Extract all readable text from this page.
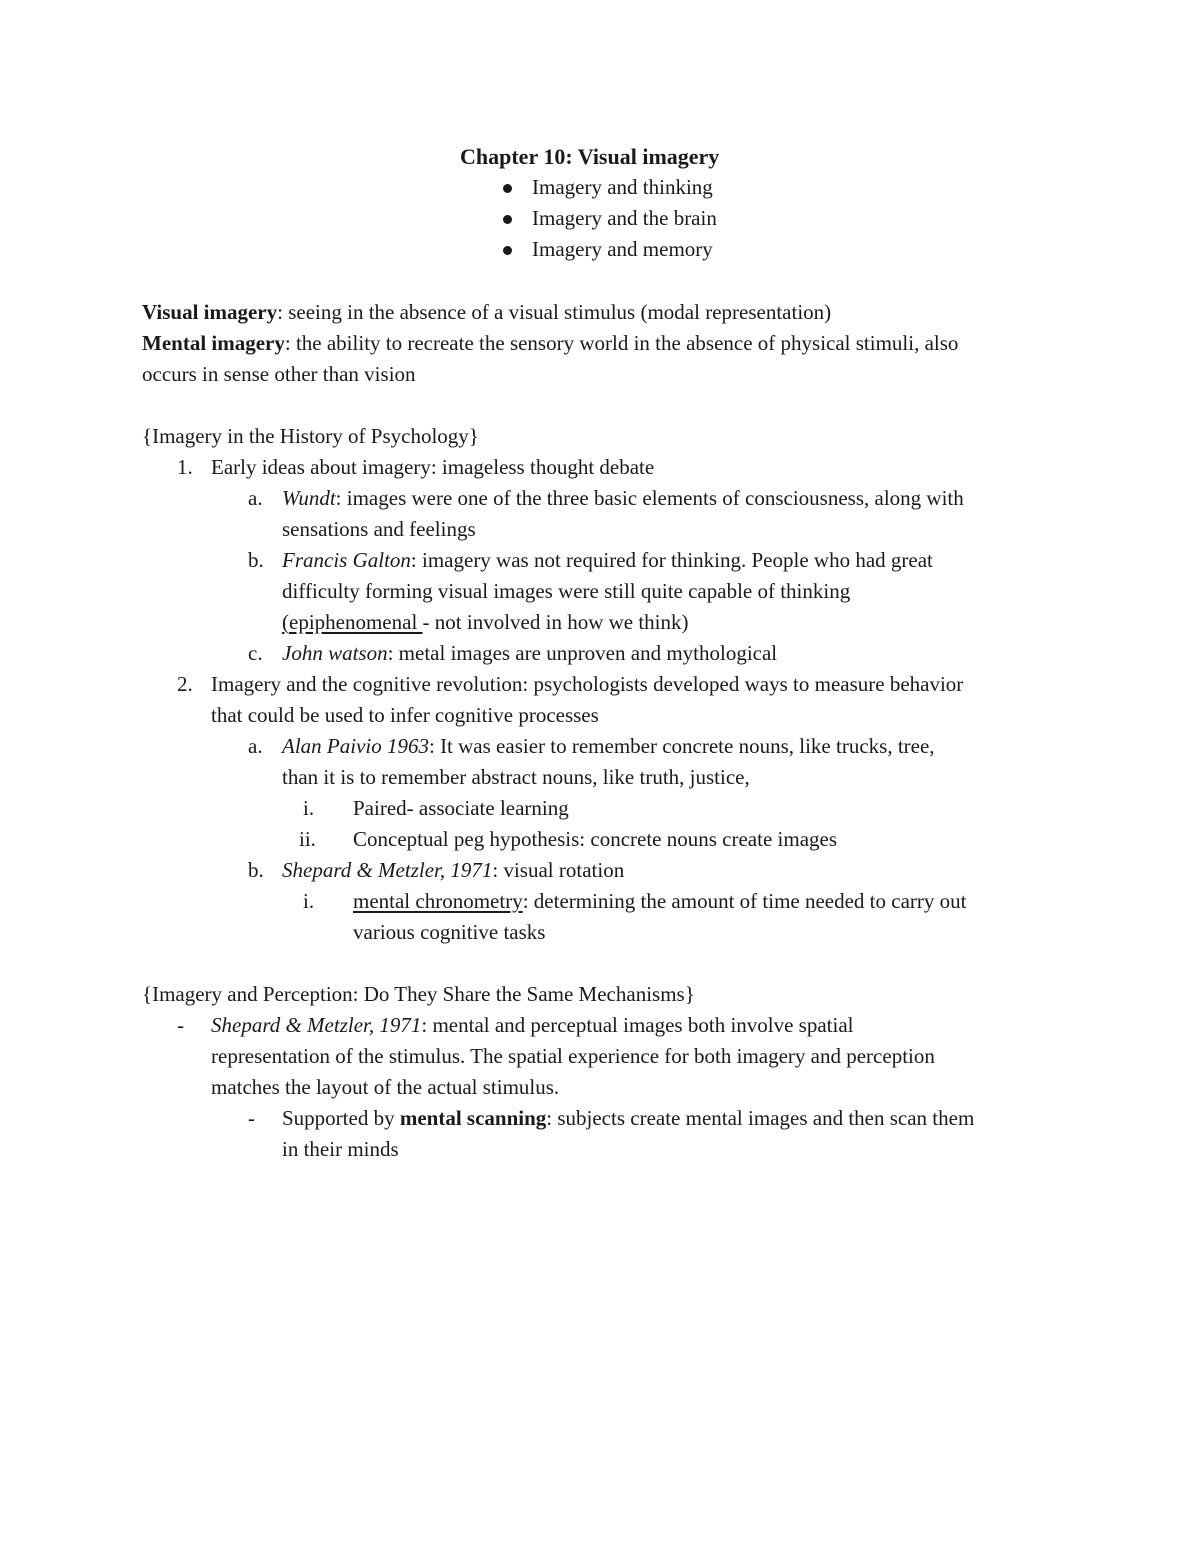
Chapter 10: Visual imagery
Imagery and thinking
Imagery and the brain
Imagery and memory
Visual imagery: seeing in the absence of a visual stimulus (modal representation)
Mental imagery: the ability to recreate the sensory world in the absence of physical stimuli, also
occurs in sense other than vision
{Imagery in the History of Psychology}
1. Early ideas about imagery: imageless thought debate
a. Wundt: images were one of the three basic elements of consciousness, along with
sensations and feelings
b. Francis Galton: imagery was not required for thinking. People who had great
difficulty forming visual images were still quite capable of thinking
(epiphenomenal - not involved in how we think)
c. John watson: metal images are unproven and mythological
2. Imagery and the cognitive revolution: psychologists developed ways to measure behavior
that could be used to infer cognitive processes
a. Alan Paivio 1963: It was easier to remember concrete nouns, like trucks, tree,
than it is to remember abstract nouns, like truth, justice,
i. Paired- associate learning
ii. Conceptual peg hypothesis: concrete nouns create images
b. Shepard & Metzler, 1971: visual rotation
i. mental chronometry: determining the amount of time needed to carry out
various cognitive tasks
{Imagery and Perception: Do They Share the Same Mechanisms}
- Shepard & Metzler, 1971: mental and perceptual images both involve spatial
representation of the stimulus. The spatial experience for both imagery and perception
matches the layout of the actual stimulus.
- Supported by mental scanning: subjects create mental images and then scan them
in their minds
